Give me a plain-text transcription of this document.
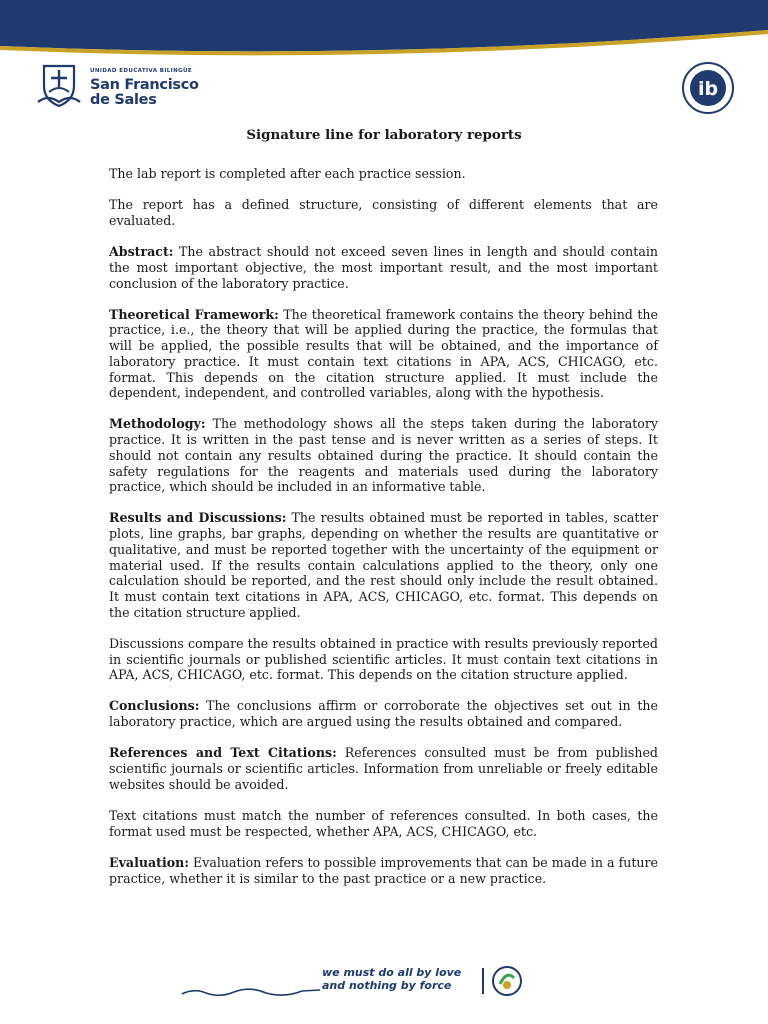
UNIDAD EDUCATIVA BILINGÜE
San Francisco
de Sales	ib
Signature line for laboratory reports

The lab report is completed after each practice session.

The report has a defined structure, consisting of different elements that are evaluated.

Abstract: The abstract should not exceed seven lines in length and should contain the most important objective, the most important result, and the most important conclusion of the laboratory practice.

Theoretical Framework: The theoretical framework contains the theory behind the practice, i.e., the theory that will be applied during the practice, the formulas that will be applied, the possible results that will be obtained, and the importance of laboratory practice. It must contain text citations in APA, ACS, CHICAGO, etc. format. This depends on the citation structure applied. It must include the dependent, independent, and controlled variables, along with the hypothesis.

Methodology: The methodology shows all the steps taken during the laboratory practice. It is written in the past tense and is never written as a series of steps. It should not contain any results obtained during the practice. It should contain the safety regulations for the reagents and materials used during the laboratory practice, which should be included in an informative table.

Results and Discussions: The results obtained must be reported in tables, scatter plots, line graphs, bar graphs, depending on whether the results are quantitative or qualitative, and must be reported together with the uncertainty of the equipment or material used. If the results contain calculations applied to the theory, only one calculation should be reported, and the rest should only include the result obtained. It must contain text citations in APA, ACS, CHICAGO, etc. format. This depends on the citation structure applied.

Discussions compare the results obtained in practice with results previously reported in scientific journals or published scientific articles. It must contain text citations in APA, ACS, CHICAGO, etc. format. This depends on the citation structure applied.

Conclusions: The conclusions affirm or corroborate the objectives set out in the laboratory practice, which are argued using the results obtained and compared.

References and Text Citations: References consulted must be from published scientific journals or scientific articles. Information from unreliable or freely editable websites should be avoided.

Text citations must match the number of references consulted. In both cases, the format used must be respected, whether APA, ACS, CHICAGO, etc.

Evaluation: Evaluation refers to possible improvements that can be made in a future practice, whether it is similar to the past practice or a new practice.

we must do all by love
and nothing by force
